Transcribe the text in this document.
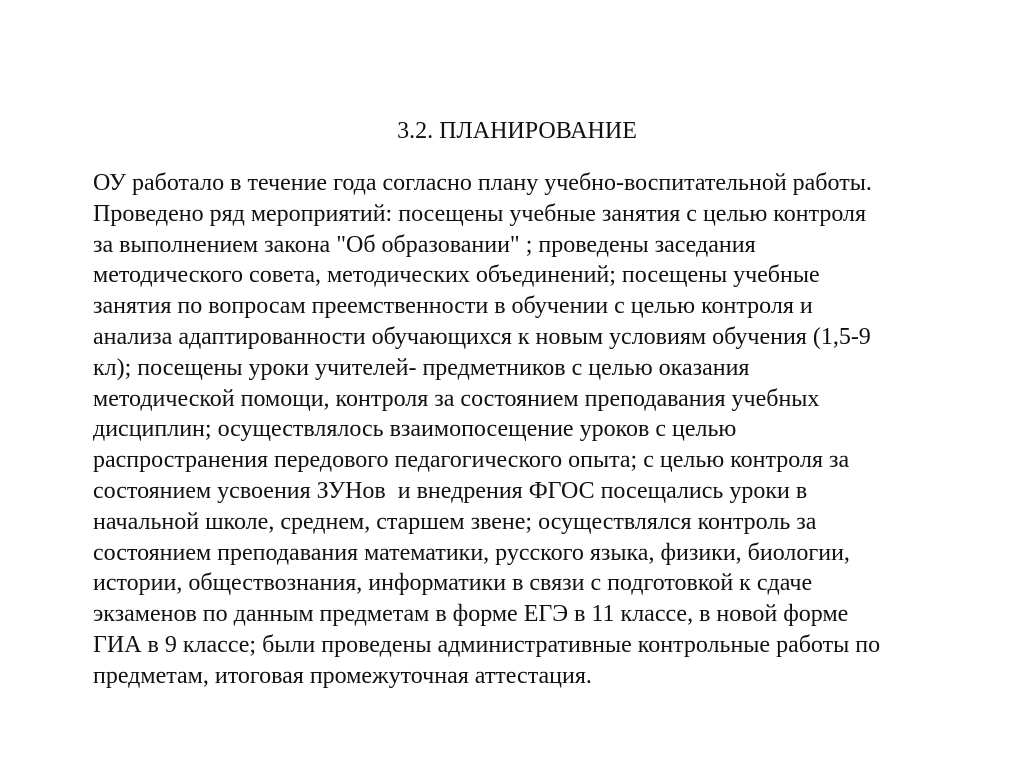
3.2. ПЛАНИРОВАНИЕ
ОУ работало в течение года согласно плану учебно-воспитательной работы.
Проведено ряд мероприятий: посещены учебные занятия с целью контроля
за выполнением закона "Об образовании" ; проведены заседания
методического совета, методических объединений; посещены учебные
занятия по вопросам преемственности в обучении с целью контроля и
анализа адаптированности обучающихся к новым условиям обучения (1,5-9
кл); посещены уроки учителей- предметников с целью оказания
методической помощи, контроля за состоянием преподавания учебных
дисциплин; осуществлялось взаимопосещение уроков с целью
распространения передового педагогического опыта; с целью контроля за
состоянием усвоения ЗУНов  и внедрения ФГОС посещались уроки в
начальной школе, среднем, старшем звене; осуществлялся контроль за
состоянием преподавания математики, русского языка, физики, биологии,
истории, обществознания, информатики в связи с подготовкой к сдаче
экзаменов по данным предметам в форме ЕГЭ в 11 классе, в новой форме
ГИА в 9 классе; были проведены административные контрольные работы по
предметам, итоговая промежуточная аттестация.
